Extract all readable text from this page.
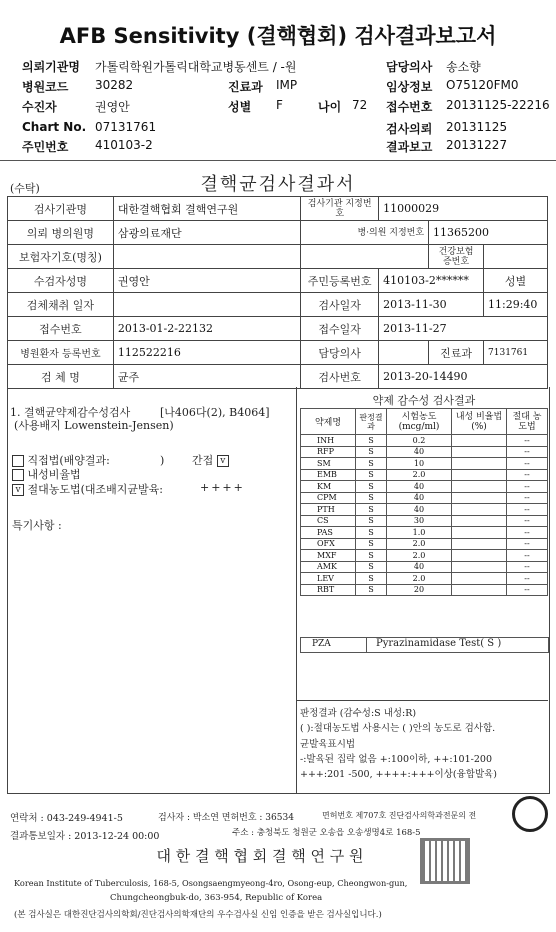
AFB Sensitivity (결핵협회) 검사결과보고서
의뢰기관명 가톨릭학원가톨릭대학교병동센트 / -원	담당의사 송소향
병원코드 30282	진료과 IMP	임상정보 O75120FM0
수진자	권영안	성별 F	나이 72 접수번호 20131125-22216
Chart No. 07131761	검사의뢰 20131125
주민번호 410103-2	결과보고 20131227
(수탁)	결핵균검사결과서
검사기관명	대한결핵협회 결핵연구원	검사기관 지정번호	11000029		
의뢰 병의원명	삼광의료재단	병·의원 지정번호		11365200	
보험자기호(명칭)				건강보험 증번호	
수검자성명	권영안	주민등록번호	410103-2******		성별
검체채취 일자		검사일자	2013-11-30		11:29:40
접수번호	2013-01-2-22132	접수일자	2013-11-27		
병원환자 등록번호	112522216	담당의사		진료과	7131761
검 체 명	균주	검사번호	2013-20-14490		
1. 결핵균약제감수성검사	[나406다(2), B4064]
(사용배지 Lowenstein-Jensen)
직접법(배양결과:	)	간접 v
내성비율법
v 절대농도법(대조배지균발육:	++++
특기사항 :
약제 감수성 검사결과
약제명	판정결과	시험농도 (mcg/ml)	내성 비율법(%)	절대 농도법
INH	S	0.2		--
RFP	S	40		--
SM	S	10		--
EMB	S	2.0		--
KM	S	40		--
CPM	S	40		--
PTH	S	40		--
CS	S	30		--
PAS	S	1.0		--
OFX	S	2.0		--
MXF	S	2.0		--
AMK	S	40		--
LEV	S	2.0		--
RBT	S	20		--
PZA	Pyrazinamidase Test( S )
판정결과 (감수성:S 내성:R)
( ):절대농도법 사용시는 ( )안의 농도로 검사함.
균발육표시법
-:발육된 집락 없음 +:100이하, ++:101-200
+++:201 -500, ++++:+++이상(융합발육)
연락처 : 043-249-4941-5	검사자 : 박소연 면허번호 : 36534	면허번호 제707호 진단검사의학과전문의 전
결과통보일자 : 2013-12-24 00:00	주소 : 충청북도 청원군 오송읍 오송생명4로 168-5
대 한 결 핵 협 회 결 핵 연 구 원
Korean Institute of Tuberculosis, 168-5, Osongsaengmyeong-4ro, Osong-eup, Cheongwon-gun,
Chungcheongbuk-do, 363-954, Republic of Korea
(본 검사실은 대한진단검사의학회/진단검사의학재단의 우수검사실 신임 인증을 받은 검사실입니다.)
